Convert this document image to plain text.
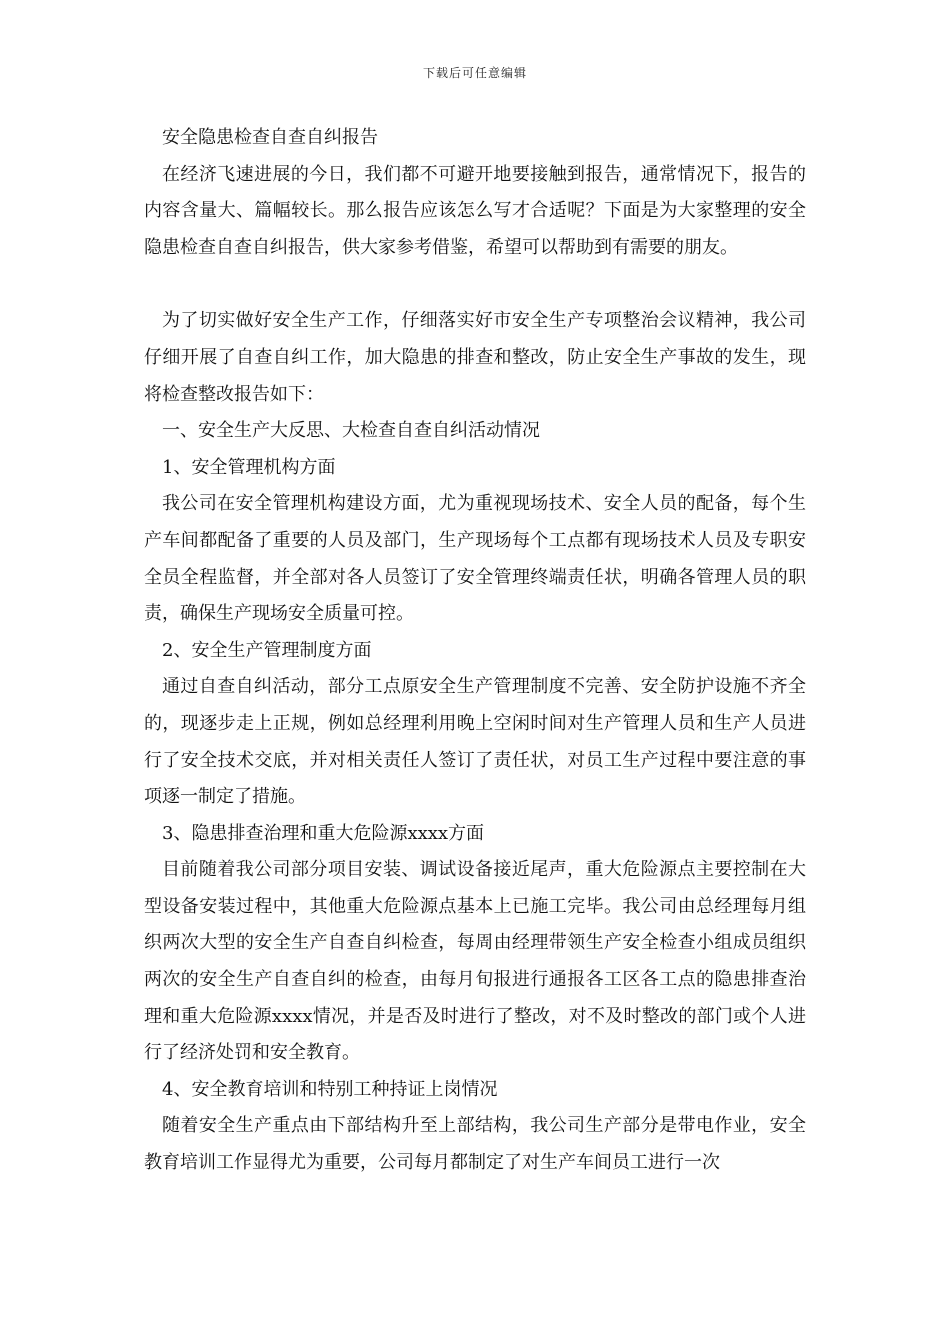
下载后可任意编辑

安全隐患检查自查自纠报告

在经济飞速进展的今日，我们都不可避开地要接触到报告，通常情况下，报告的内容含量大、篇幅较长。那么报告应该怎么写才合适呢？下面是为大家整理的安全隐患检查自查自纠报告，供大家参考借鉴，希望可以帮助到有需要的朋友。

为了切实做好安全生产工作，仔细落实好市安全生产专项整治会议精神，我公司仔细开展了自查自纠工作，加大隐患的排查和整改，防止安全生产事故的发生，现将检查整改报告如下：

一、安全生产大反思、大检查自查自纠活动情况

1、安全管理机构方面

我公司在安全管理机构建设方面，尤为重视现场技术、安全人员的配备，每个生产车间都配备了重要的人员及部门，生产现场每个工点都有现场技术人员及专职安全员全程监督，并全部对各人员签订了安全管理终端责任状，明确各管理人员的职责，确保生产现场安全质量可控。

2、安全生产管理制度方面

通过自查自纠活动，部分工点原安全生产管理制度不完善、安全防护设施不齐全的，现逐步走上正规，例如总经理利用晚上空闲时间对生产管理人员和生产人员进行了安全技术交底，并对相关责任人签订了责任状，对员工生产过程中要注意的事项逐一制定了措施。

3、隐患排查治理和重大危险源xxxx方面

目前随着我公司部分项目安装、调试设备接近尾声，重大危险源点主要控制在大型设备安装过程中，其他重大危险源点基本上已施工完毕。我公司由总经理每月组织两次大型的安全生产自查自纠检查，每周由经理带领生产安全检查小组成员组织两次的安全生产自查自纠的检查，由每月旬报进行通报各工区各工点的隐患排查治理和重大危险源xxxx情况，并是否及时进行了整改，对不及时整改的部门或个人进行了经济处罚和安全教育。

4、安全教育培训和特别工种持证上岗情况

随着安全生产重点由下部结构升至上部结构，我公司生产部分是带电作业，安全教育培训工作显得尤为重要，公司每月都制定了对生产车间员工进行一次
